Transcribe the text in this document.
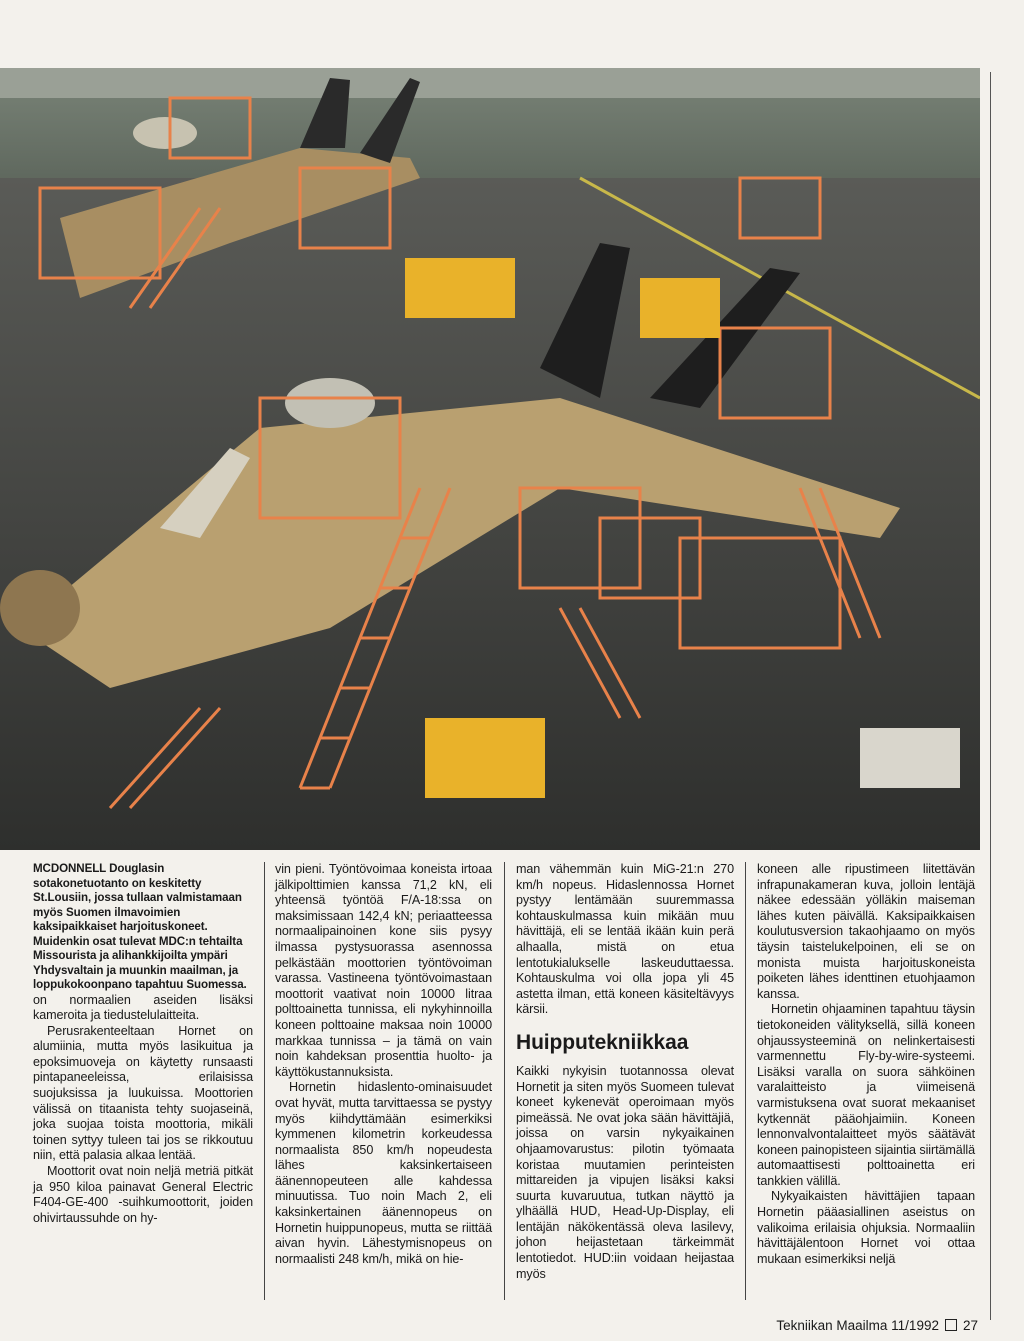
MCDONNELL Douglasin sotakonetuotanto on keskitetty St.Lousiin, jossa tullaan valmistamaan myös Suomen ilmavoimien kaksipaikkaiset harjoituskoneet. Muidenkin osat tulevat MDC:n tehtailta Missourista ja alihankkijoilta ympäri Yhdysvaltain ja muunkin maailman, ja loppukokoonpano tapahtuu Suomessa.

on normaalien aseiden lisäksi kameroita ja tiedustelulaitteita.

Perusrakenteeltaan Hornet on alumiinia, mutta myös lasikuitua ja epoksimuoveja on käytetty runsaasti pintapaneeleissa, erilaisissa suojuksissa ja luukuissa. Moottorien välissä on titaanista tehty suojaseinä, joka suojaa toista moottoria, mikäli toinen syttyy tuleen tai jos se rikkoutuu niin, että palasia alkaa lentää.

Moottorit ovat noin neljä metriä pitkät ja 950 kiloa painavat General Electric F404-GE-400 -suihkumoottorit, joiden ohivirtaussuhde on hy-

vin pieni. Työntövoimaa koneista irtoaa jälkipolttimien kanssa 71,2 kN, eli yhteensä työntöä F/A-18:ssa on maksimissaan 142,4 kN; periaatteessa normaalipainoinen kone siis pysyy ilmassa pystysuorassa asennossa pelkästään moottorien työntövoiman varassa. Vastineena työntövoimastaan moottorit vaativat noin 10000 litraa polttoainetta tunnissa, eli nykyhinnoilla koneen polttoaine maksaa noin 10000 markkaa tunnissa – ja tämä on vain noin kahdeksan prosenttia huolto- ja käyttökustannuksista.

Hornetin hidaslento-ominaisuudet ovat hyvät, mutta tarvittaessa se pystyy myös kiihdyttämään esimerkiksi kymmenen kilometrin korkeudessa normaalista 850 km/h nopeudesta lähes kaksinkertaiseen äänennopeuteen alle kahdessa minuutissa. Tuo noin Mach 2, eli kaksinkertainen äänennopeus on Hornetin huippunopeus, mutta se riittää aivan hyvin. Lähestymisnopeus on normaalisti 248 km/h, mikä on hie-

man vähemmän kuin MiG-21:n 270 km/h nopeus. Hidaslennossa Hornet pystyy lentämään suuremmassa kohtauskulmassa kuin mikään muu hävittäjä, eli se lentää ikään kuin perä alhaalla, mistä on etua lentotukialukselle laskeuduttaessa. Kohtauskulma voi olla jopa yli 45 astetta ilman, että koneen käsiteltävyys kärsii.

Huipputekniikkaa

Kaikki nykyisin tuotannossa olevat Hornetit ja siten myös Suomeen tulevat koneet kykenevät operoimaan myös pimeässä. Ne ovat joka sään hävittäjiä, joissa on varsin nykyaikainen ohjaamovarustus: pilotin työmaata koristaa muutamien perinteisten mittareiden ja vipujen lisäksi kaksi suurta kuvaruutua, tutkan näyttö ja ylhäällä HUD, Head-Up-Display, eli lentäjän näkökentässä oleva lasilevy, johon heijastetaan tärkeimmät lentotiedot. HUD:iin voidaan heijastaa myös

koneen alle ripustimeen liitettävän infrapunakameran kuva, jolloin lentäjä näkee edessään yölläkin maiseman lähes kuten päivällä. Kaksipaikkaisen koulutusversion takaohjaamo on myös täysin taistelukelpoinen, eli se on monista muista harjoituskoneista poiketen lähes identtinen etuohjaamon kanssa.

Hornetin ohjaaminen tapahtuu täysin tietokoneiden välityksellä, sillä koneen ohjaussysteeminä on nelinkertaisesti varmennettu Fly-by-wire-systeemi. Lisäksi varalla on suora sähköinen varalaitteisto ja viimeisenä varmistuksena ovat suorat mekaaniset kytkennät pääohjaimiin. Koneen lennonvalvontalaitteet myös säätävät koneen painopisteen sijaintia siirtämällä automaattisesti polttoainetta eri tankkien välillä.

Nykyaikaisten hävittäjien tapaan Hornetin pääasiallinen aseistus on valikoima erilaisia ohjuksia. Normaaliin hävittäjälentoon Hornet voi ottaa mukaan esimerkiksi neljä

Tekniikan Maailma 11/1992 27
